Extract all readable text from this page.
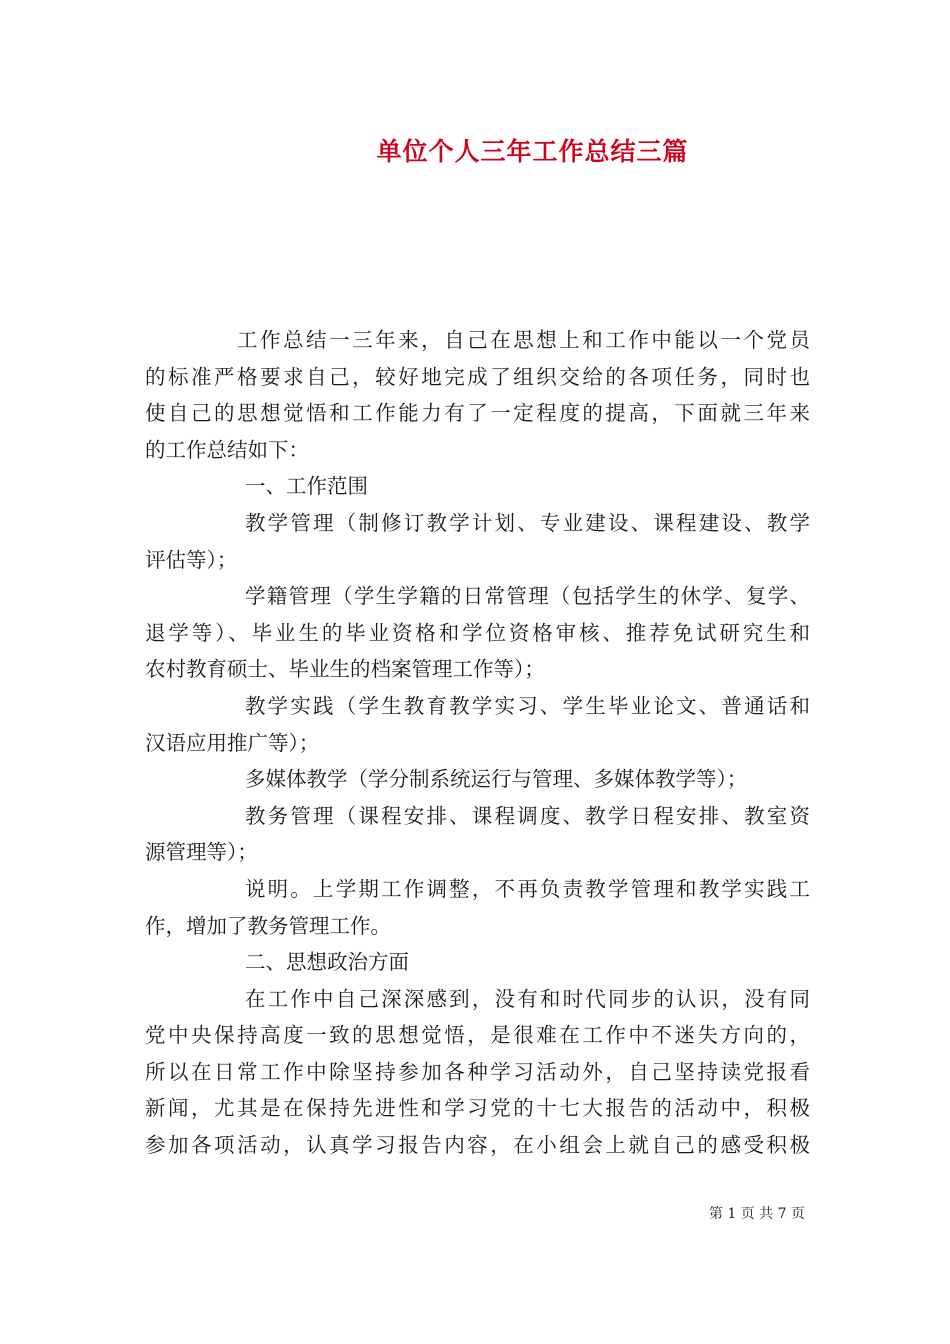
单位个人三年工作总结三篇
工作总结一三年来，自己在思想上和工作中能以一个党员
的标准严格要求自己，较好地完成了组织交给的各项任务，同时也
使自己的思想觉悟和工作能力有了一定程度的提高，下面就三年来
的工作总结如下：
一、工作范围
教学管理（制修订教学计划、专业建设、课程建设、教学
评估等）；
学籍管理（学生学籍的日常管理（包括学生的休学、复学、
退学等）、毕业生的毕业资格和学位资格审核、推荐免试研究生和
农村教育硕士、毕业生的档案管理工作等）；
教学实践（学生教育教学实习、学生毕业论文、普通话和
汉语应用推广等）；
多媒体教学（学分制系统运行与管理、多媒体教学等）；
教务管理（课程安排、课程调度、教学日程安排、教室资
源管理等）；
说明。上学期工作调整，不再负责教学管理和教学实践工
作，增加了教务管理工作。
二、思想政治方面
在工作中自己深深感到，没有和时代同步的认识，没有同
党中央保持高度一致的思想觉悟，是很难在工作中不迷失方向的，
所以在日常工作中除坚持参加各种学习活动外，自己坚持读党报看
新闻，尤其是在保持先进性和学习党的十七大报告的活动中，积极
参加各项活动，认真学习报告内容，在小组会上就自己的感受积极
第 1 页 共 7 页
